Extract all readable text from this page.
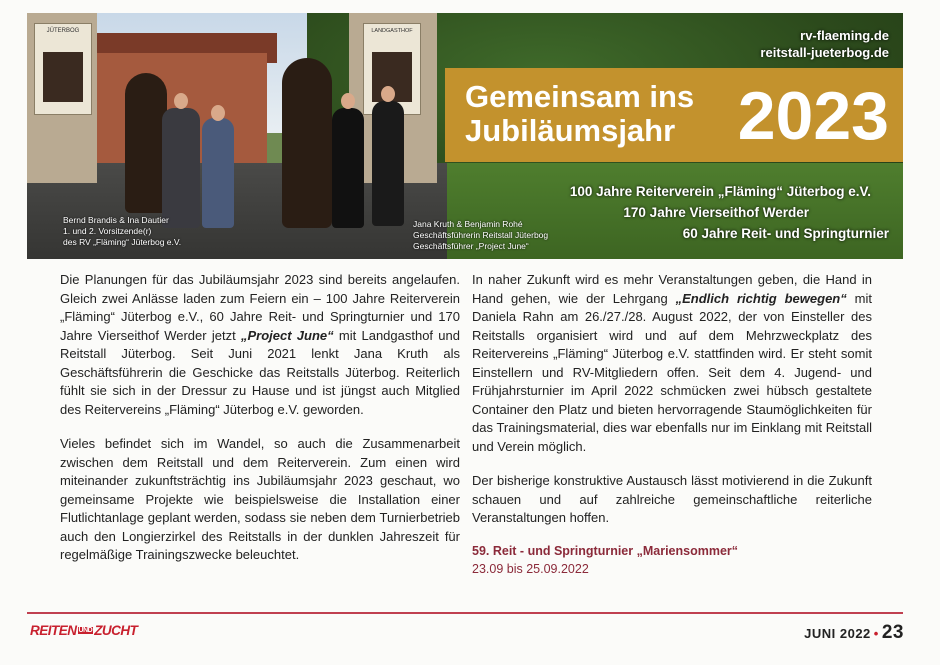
JÜTERBOG	LANDGASTHOF	rv-flaeming.de
reitstall-jueterbog.de
Gemeinsam ins
Jubiläumsjahr 2023
100 Jahre Reiterverein „Fläming“ Jüterbog e.V.
170 Jahre Vierseithof Werder
60 Jahre Reit- und Springturnier
Bernd Brandis & Ina Dautier
1. und 2. Vorsitzende(r)
des RV „Fläming“ Jüterbog e.V.
Jana Kruth & Benjamin Rohé
Geschäftsführerin Reitstall Jüterbog
Geschäftsführer „Project June“

Die Planungen für das Jubiläumsjahr 2023 sind bereits angelaufen. Gleich zwei Anlässe laden zum Feiern ein – 100 Jahre Reiterverein „Fläming“ Jüterbog e.V., 60 Jahre Reit- und Springturnier und 170 Jahre Vierseithof Werder jetzt „Project June“ mit Landgasthof und Reitstall Jüterbog. Seit Juni 2021 lenkt Jana Kruth als Geschäftsführerin die Geschicke das Reitstalls Jüterbog. Reiterlich fühlt sie sich in der Dressur zu Hause und ist jüngst auch Mitglied des Reitervereins „Fläming“ Jüterbog e.V. geworden.

Vieles befindet sich im Wandel, so auch die Zusammenarbeit zwischen dem Reitstall und dem Reiterverein. Zum einen wird miteinander zukunftsträchtig ins Jubiläumsjahr 2023 geschaut, wo gemeinsame Projekte wie beispielsweise die Installation einer Flutlichtanlage geplant werden, sodass sie neben dem Turnierbetrieb auch den Longierzirkel des Reitstalls in der dunklen Jahreszeit für regelmäßige Trainingszwecke beleuchtet.

In naher Zukunft wird es mehr Veranstaltungen geben, die Hand in Hand gehen, wie der Lehrgang „Endlich richtig bewegen“ mit Daniela Rahn am 26./27./28. August 2022, der von Einsteller des Reitstalls organisiert wird und auf dem Mehrzweckplatz des Reitervereins „Fläming“ Jüterbog e.V. stattfinden wird. Er steht somit Einstellern und RV-Mitgliedern offen. Seit dem 4. Jugend- und Frühjahrsturnier im April 2022 schmücken zwei hübsch gestaltete Container den Platz und bieten hervorragende Staumöglichkeiten für das Trainingsmaterial, dies war ebenfalls nur im Einklang mit Reitstall und Verein möglich.

Der bisherige konstruktive Austausch lässt motivierend in die Zukunft schauen und auf zahlreiche gemeinschaftliche reiterliche Veranstaltungen hoffen.

59. Reit - und Springturnier „Mariensommer“
23.09 bis 25.09.2022
REITEN UND ZUCHT	JUNI 2022 • 23
